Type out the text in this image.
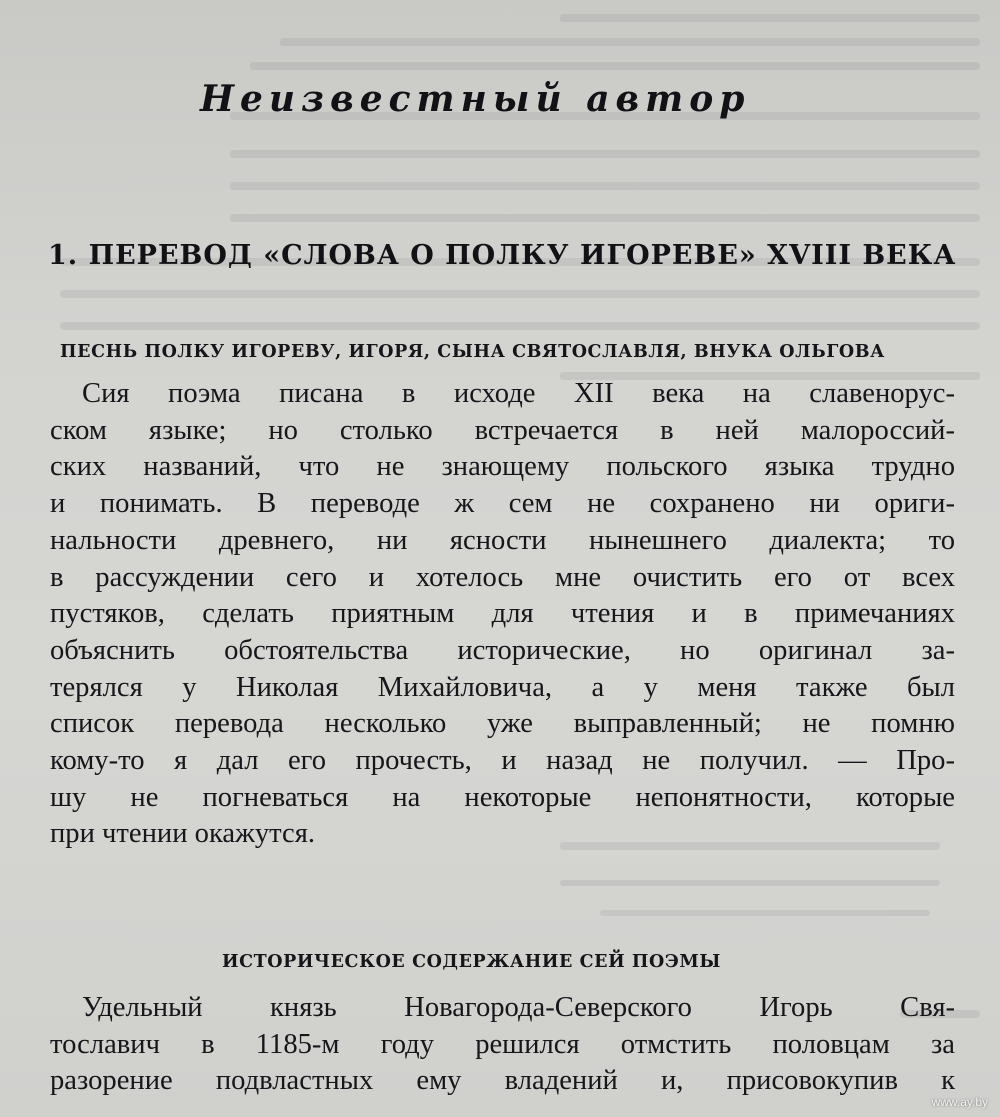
Неизвестный автор
1. ПЕРЕВОД «СЛОВА О ПОЛКУ ИГОРЕВЕ» XVIII ВЕКА
ПЕСНЬ ПОЛКУ ИГОРЕВУ, ИГОРЯ, СЫНА СВЯТОСЛАВЛЯ, ВНУКА ОЛЬГОВА
Сия поэма писана в исходе XII века на славенорус-
ском языке; но столько встречается в ней малороссий-
ских названий, что не знающему польского языка трудно
и понимать. В переводе ж сем не сохранено ни ориги-
нальности древнего, ни ясности нынешнего диалекта; то
в рассуждении сего и хотелось мне очистить его от всех
пустяков, сделать приятным для чтения и в примечаниях
объяснить обстоятельства исторические, но оригинал за-
терялся у Николая Михайловича, а у меня также был
список перевода несколько уже выправленный; не помню
кому-то я дал его прочесть, и назад не получил. — Про-
шу не погневаться на некоторые непонятности, которые
при чтении окажутся.
ИСТОРИЧЕСКОЕ СОДЕРЖАНИЕ СЕЙ ПОЭМЫ
Удельный князь Новагорода-Северского Игорь Свя-
тославич в 1185-м году решился отмстить половцам за
разорение подвластных ему владений и, присовокупив к
www.ay.by
